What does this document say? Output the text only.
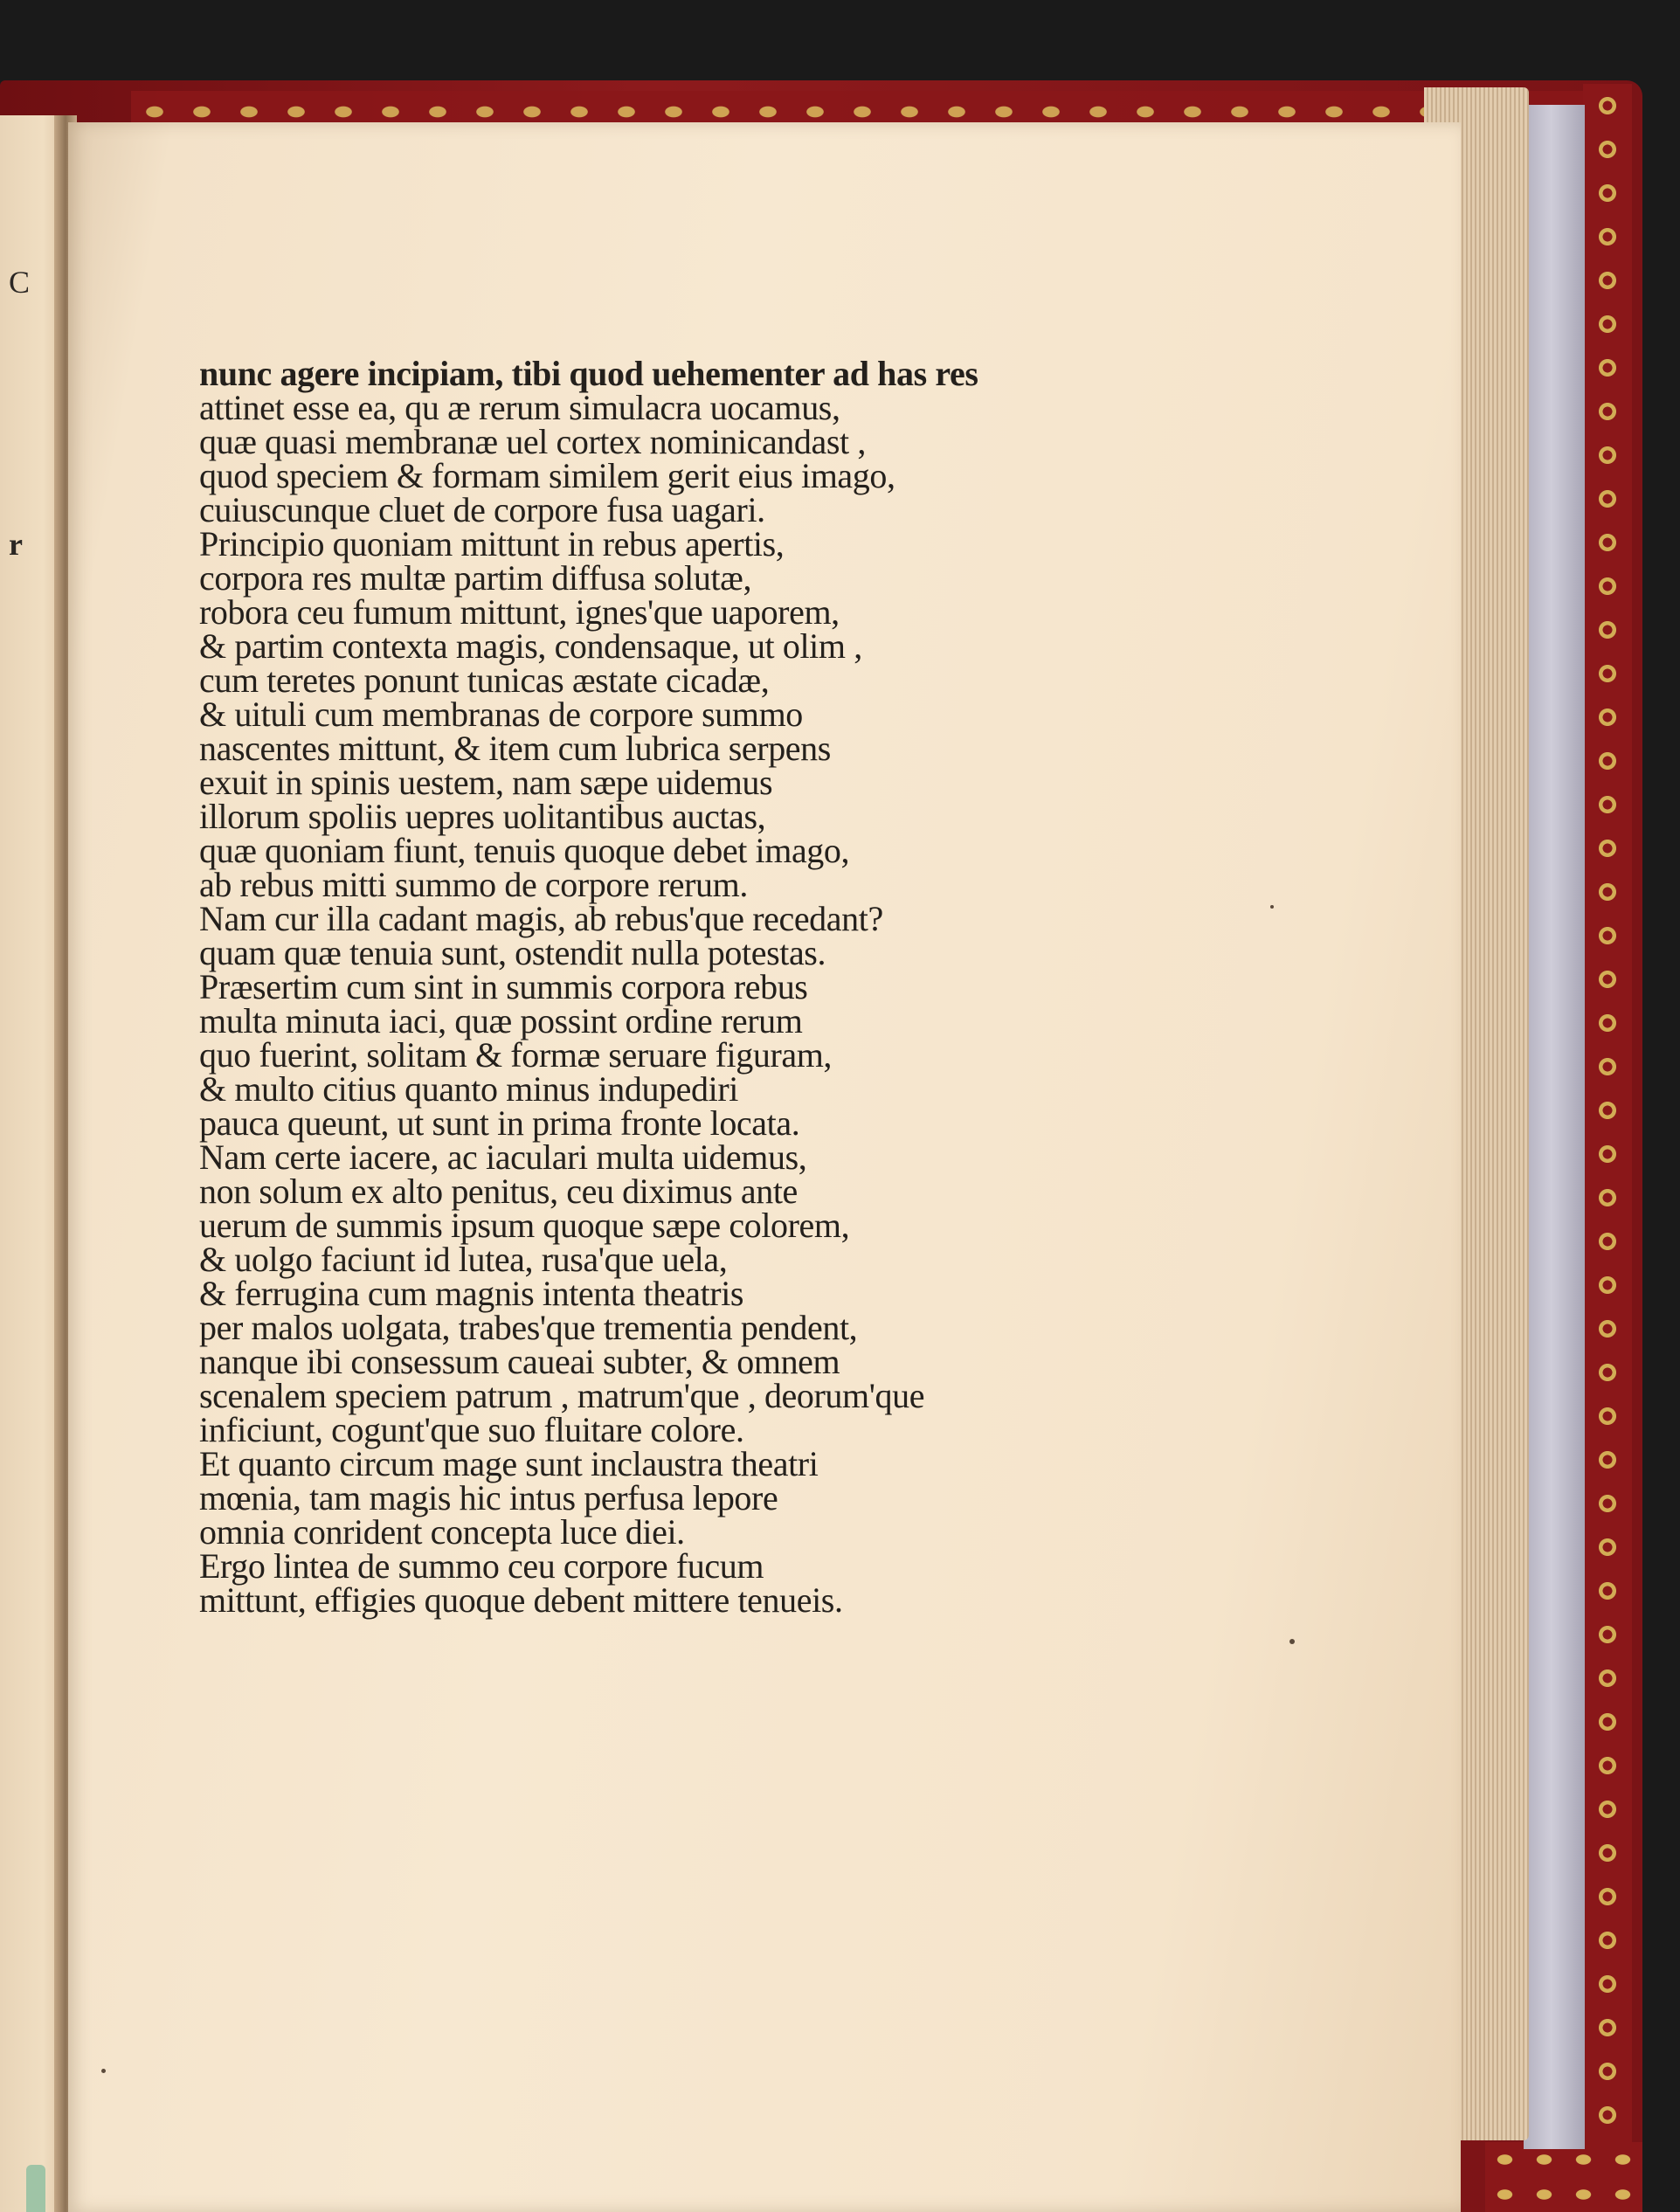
C
r
nunc agere incipiam, tibi quod uehementer ad has res
attinet esse ea, qu æ rerum simulacra uocamus,
quæ quasi membranæ uel cortex nominicandast ,
quod speciem & formam similem gerit eius imago,
cuiuscunque cluet de corpore fusa uagari.
Principio quoniam mittunt in rebus apertis,
corpora res multæ partim diffusa solutæ,
robora ceu fumum mittunt, ignes'que uaporem,
& partim contexta magis, condensaque, ut olim ,
cum teretes ponunt tunicas æstate cicadæ,
& uituli cum membranas de corpore summo
nascentes mittunt, & item cum lubrica serpens
exuit in spinis uestem, nam sæpe uidemus
illorum spoliis uepres uolitantibus auctas,
quæ quoniam fiunt, tenuis quoque debet imago,
ab rebus mitti summo de corpore rerum.
Nam cur illa cadant magis, ab rebus'que recedant?
quam quæ tenuia sunt, ostendit nulla potestas.
Præsertim cum sint in summis corpora rebus
multa minuta iaci, quæ possint ordine rerum
quo fuerint, solitam & formæ seruare figuram,
& multo citius quanto minus indupediri
pauca queunt, ut sunt in prima fronte locata.
Nam certe iacere, ac iaculari multa uidemus,
non solum ex alto penitus, ceu diximus ante
uerum de summis ipsum quoque sæpe colorem,
& uolgo faciunt id lutea, rusa'que uela,
& ferrugina cum magnis intenta theatris
per malos uolgata, trabes'que trementia pendent,
nanque ibi consessum caueai subter, & omnem
scenalem speciem patrum , matrum'que , deorum'que
inficiunt, cogunt'que suo fluitare colore.
Et quanto circum mage sunt inclaustra theatri
mœnia, tam magis hic intus perfusa lepore
omnia conrident concepta luce diei.
Ergo lintea de summo ceu corpore fucum
mittunt, effigies quoque debent mittere tenueis.
